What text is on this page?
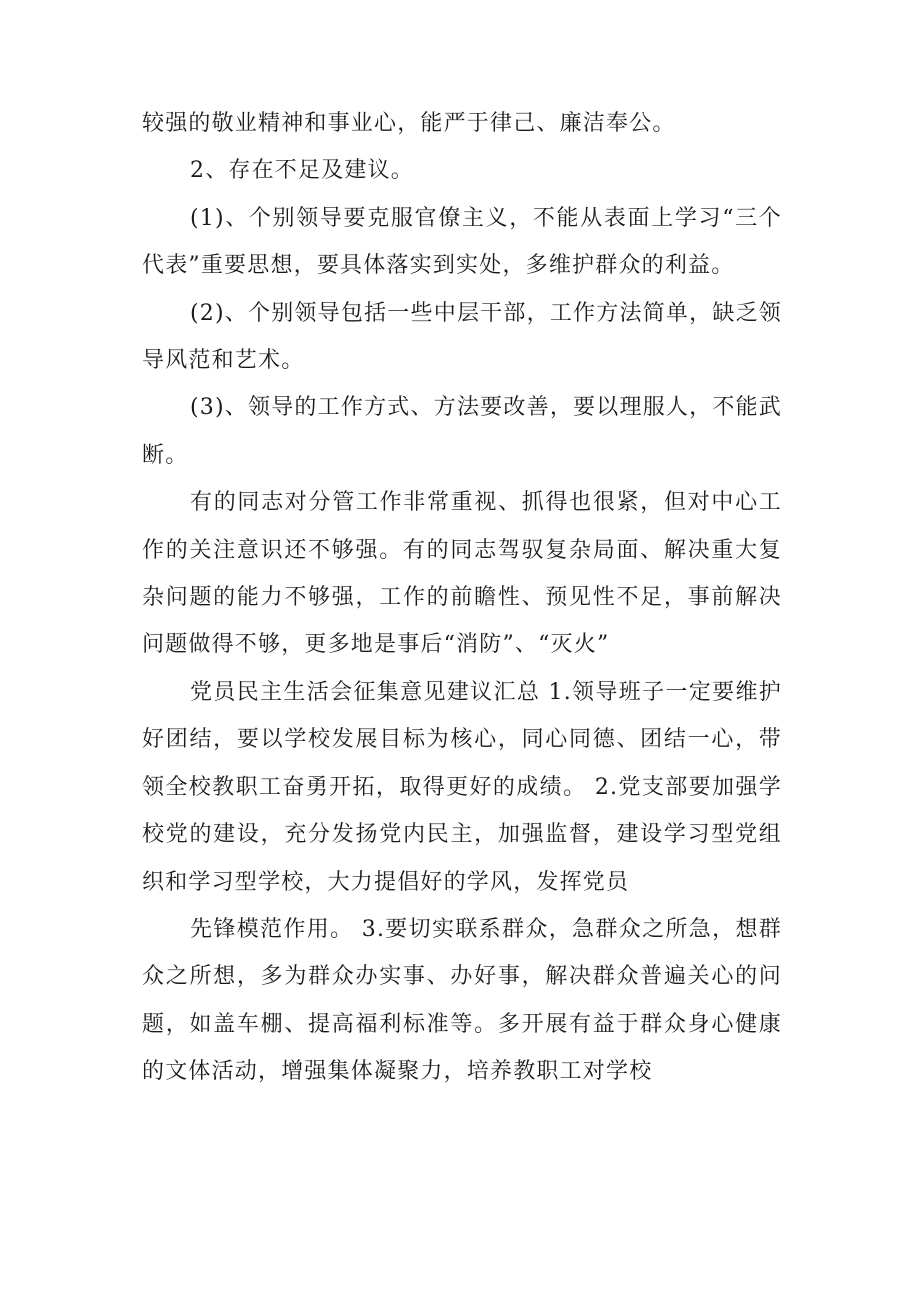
较强的敬业精神和事业心，能严于律己、廉洁奉公。

2、存在不足及建议。

(1)、个别领导要克服官僚主义，不能从表面上学习“三个代表”重要思想，要具体落实到实处，多维护群众的利益。

(2)、个别领导包括一些中层干部，工作方法简单，缺乏领导风范和艺术。

(3)、领导的工作方式、方法要改善，要以理服人，不能武断。

有的同志对分管工作非常重视、抓得也很紧，但对中心工作的关注意识还不够强。有的同志驾驭复杂局面、解决重大复杂问题的能力不够强，工作的前瞻性、预见性不足，事前解决问题做得不够，更多地是事后“消防”、“灭火”

党员民主生活会征集意见建议汇总 1.领导班子一定要维护好团结，要以学校发展目标为核心，同心同德、团结一心，带领全校教职工奋勇开拓，取得更好的成绩。 2.党支部要加强学校党的建设，充分发扬党内民主，加强监督，建设学习型党组织和学习型学校，大力提倡好的学风，发挥党员

先锋模范作用。 3.要切实联系群众，急群众之所急，想群众之所想，多为群众办实事、办好事，解决群众普遍关心的问题，如盖车棚、提高福利标准等。多开展有益于群众身心健康的文体活动，增强集体凝聚力，培养教职工对学校
